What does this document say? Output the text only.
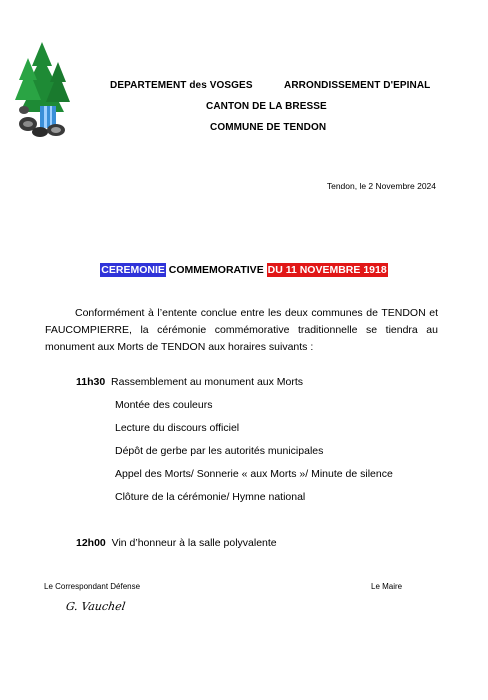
DEPARTEMENT des VOSGES	ARRONDISSEMENT D'EPINAL
CANTON DE LA BRESSE
COMMUNE DE TENDON
Tendon, le 2 Novembre 2024
CEREMONIE COMMEMORATIVE DU 11 NOVEMBRE 1918
Conformément à l’entente conclue entre les deux communes de TENDON et
FAUCOMPIERRE, la cérémonie commémorative traditionnelle se tiendra au
monument aux Morts de TENDON aux horaires suivants :
11h30 Rassemblement au monument aux Morts
Montée des couleurs
Lecture du discours officiel
Dépôt de gerbe par les autorités municipales
Appel des Morts/ Sonnerie « aux Morts »/ Minute de silence
Clôture de la cérémonie/ Hymne national
12h00 Vin d’honneur à la salle polyvalente
Le Correspondant Défense	Le Maire
G. Vauchel
